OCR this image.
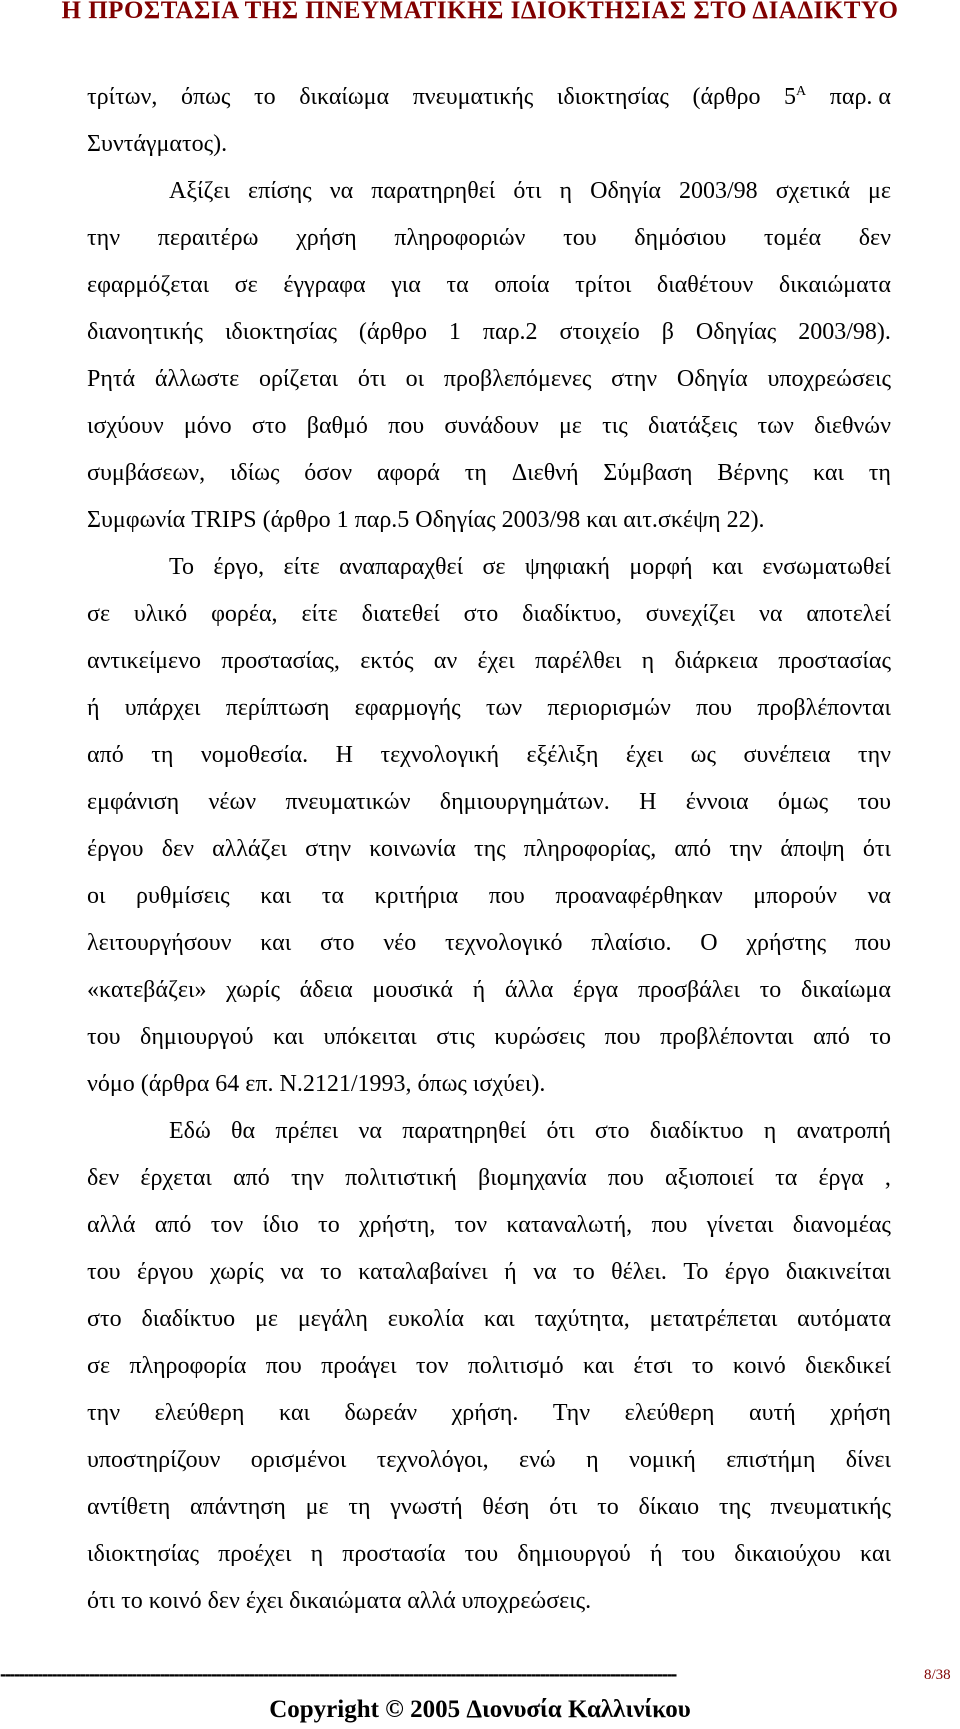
Η ΠΡΟΣΤΑΣΙΑ ΤΗΣ ΠΝΕΥΜΑΤΙΚΗΣ ΙΔΙΟΚΤΗΣΙΑΣ ΣΤΟ ΔΙΑΔΙΚΤΥΟ
τρίτων, όπως το δικαίωμα πνευματικής ιδιοκτησίας (άρθρο $5^A$ παρ. α
Συντάγματος).
Αξίζει επίσης να παρατηρηθεί ότι η Οδηγία 2003/98 σχετικά με
την περαιτέρω χρήση πληροφοριών του δημόσιου τομέα δεν
εφαρμόζεται σε έγγραφα για τα οποία τρίτοι διαθέτουν δικαιώματα
διανοητικής ιδιοκτησίας (άρθρο 1 παρ.2 στοιχείο β Οδηγίας 2003/98).
Ρητά άλλωστε ορίζεται ότι οι προβλεπόμενες στην Οδηγία υποχρεώσεις
ισχύουν μόνο στο βαθμό που συνάδουν με τις διατάξεις των διεθνών
συμβάσεων, ιδίως όσον αφορά τη Διεθνή Σύμβαση Βέρνης και τη
Συμφωνία TRIPS (άρθρο 1 παρ.5 Οδηγίας 2003/98 και αιτ.σκέψη 22).
Το έργο, είτε αναπαραχθεί σε ψηφιακή μορφή και ενσωματωθεί
σε υλικό φορέα, είτε διατεθεί στο διαδίκτυο, συνεχίζει να αποτελεί
αντικείμενο προστασίας, εκτός αν έχει παρέλθει η διάρκεια προστασίας
ή υπάρχει περίπτωση εφαρμογής των περιορισμών που προβλέπονται
από τη νομοθεσία. Η τεχνολογική εξέλιξη έχει ως συνέπεια την
εμφάνιση νέων πνευματικών δημιουργημάτων. Η έννοια όμως του
έργου δεν αλλάζει στην κοινωνία της πληροφορίας, από την άποψη ότι
οι ρυθμίσεις και τα κριτήρια που προαναφέρθηκαν μπορούν να
λειτουργήσουν και στο νέο τεχνολογικό πλαίσιο. Ο χρήστης που
«κατεβάζει» χωρίς άδεια μουσικά ή άλλα έργα προσβάλει το δικαίωμα
του δημιουργού και υπόκειται στις κυρώσεις που προβλέπονται από το
νόμο (άρθρα 64 επ. Ν.2121/1993, όπως ισχύει).
Εδώ θα πρέπει να παρατηρηθεί ότι στο διαδίκτυο η ανατροπή
δεν έρχεται από την πολιτιστική βιομηχανία που αξιοποιεί τα έργα ,
αλλά από τον ίδιο το χρήστη, τον καταναλωτή, που γίνεται διανομέας
του έργου χωρίς να το καταλαβαίνει ή να το θέλει. Το έργο διακινείται
στο διαδίκτυο με μεγάλη ευκολία και ταχύτητα, μετατρέπεται αυτόματα
σε πληροφορία που προάγει τον πολιτισμό και έτσι το κοινό διεκδικεί
την ελεύθερη και δωρεάν χρήση. Την ελεύθερη αυτή χρήση
υποστηρίζουν ορισμένοι τεχνολόγοι, ενώ η νομική επιστήμη δίνει
αντίθετη απάντηση με τη γνωστή θέση ότι το δίκαιο της πνευματικής
ιδιοκτησίας προέχει η προστασία του δημιουργού ή του δικαιούχου και
ότι το κοινό δεν έχει δικαιώματα αλλά υποχρεώσεις.
------------------------------------------------------------------------------------------------------------------------------------------------	8/38
Copyright © 2005 Διονυσία Καλλινίκου
